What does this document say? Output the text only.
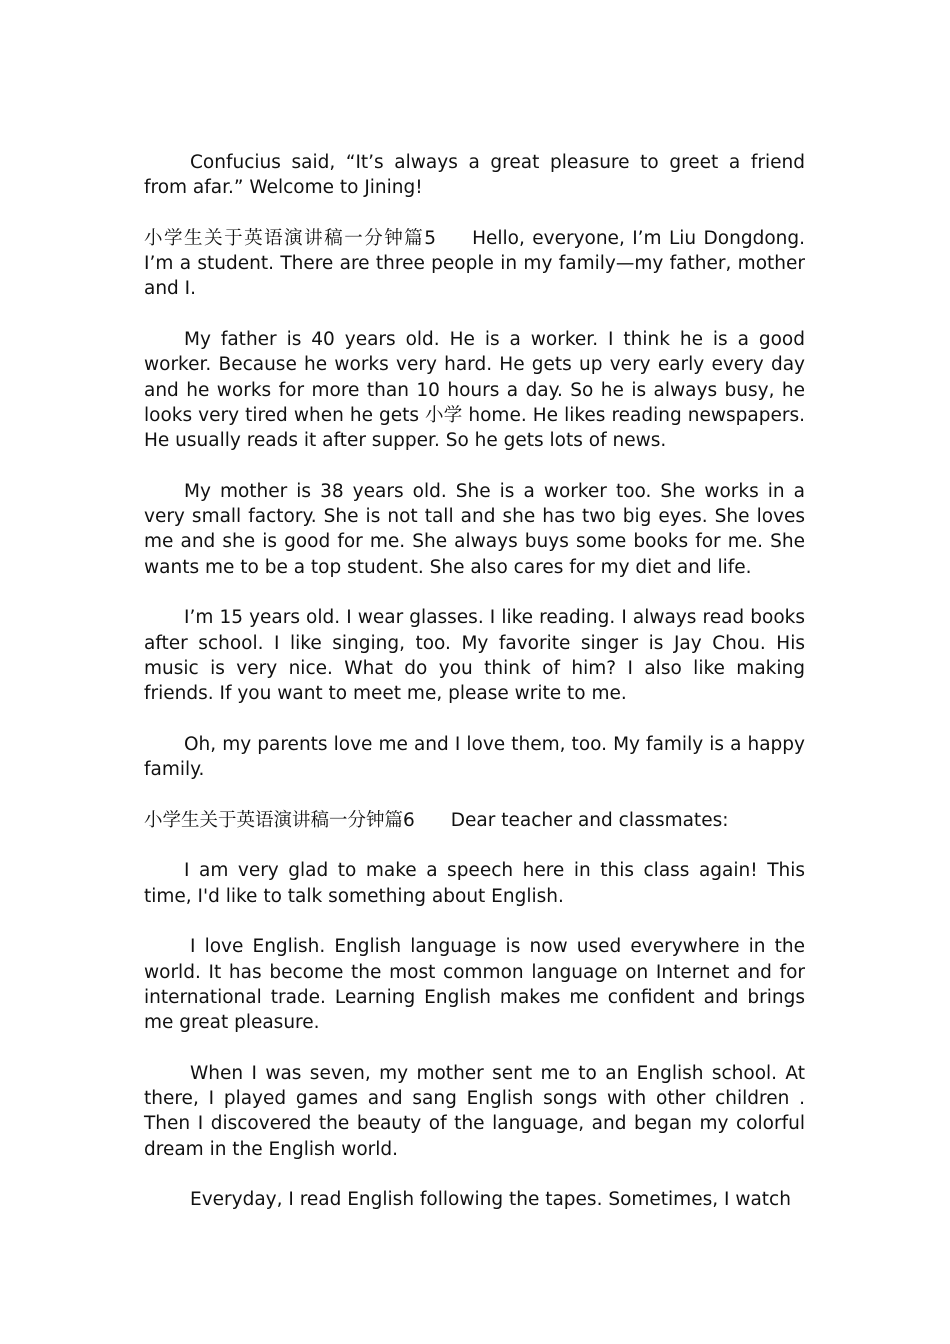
Confucius said, “It’s always a great pleasure to greet a friend from afar.” Welcome to Jining!

小学生关于英语演讲稿一分钟篇5 Hello, everyone, I’m Liu Dongdong. I’m a student. There are three people in my family—my father, mother and I.

My father is 40 years old. He is a worker. I think he is a good worker. Because he works very hard. He gets up very early every day and he works for more than 10 hours a day. So he is always busy, he looks very tired when he gets 小学 home. He likes reading newspapers. He usually reads it after supper. So he gets lots of news.

My mother is 38 years old. She is a worker too. She works in a very small factory. She is not tall and she has two big eyes. She loves me and she is good for me. She always buys some books for me. She wants me to be a top student. She also cares for my diet and life.

I’m 15 years old. I wear glasses. I like reading. I always read books after school. I like singing, too. My favorite singer is Jay Chou. His music is very nice. What do you think of him? I also like making friends. If you want to meet me, please write to me.

Oh, my parents love me and I love them, too. My family is a happy family.

小学生关于英语演讲稿一分钟篇6 Dear teacher and classmates:

I am very glad to make a speech here in this class again! This time, I'd like to talk something about English.

I love English. English language is now used everywhere in the world. It has become the most common language on Internet and for international trade. Learning English makes me confident and brings me great pleasure.

When I was seven, my mother sent me to an English school. At there, I played games and sang English songs with other children . Then I discovered the beauty of the language, and began my colorful dream in the English world.

Everyday, I read English following the tapes. Sometimes, I watch
